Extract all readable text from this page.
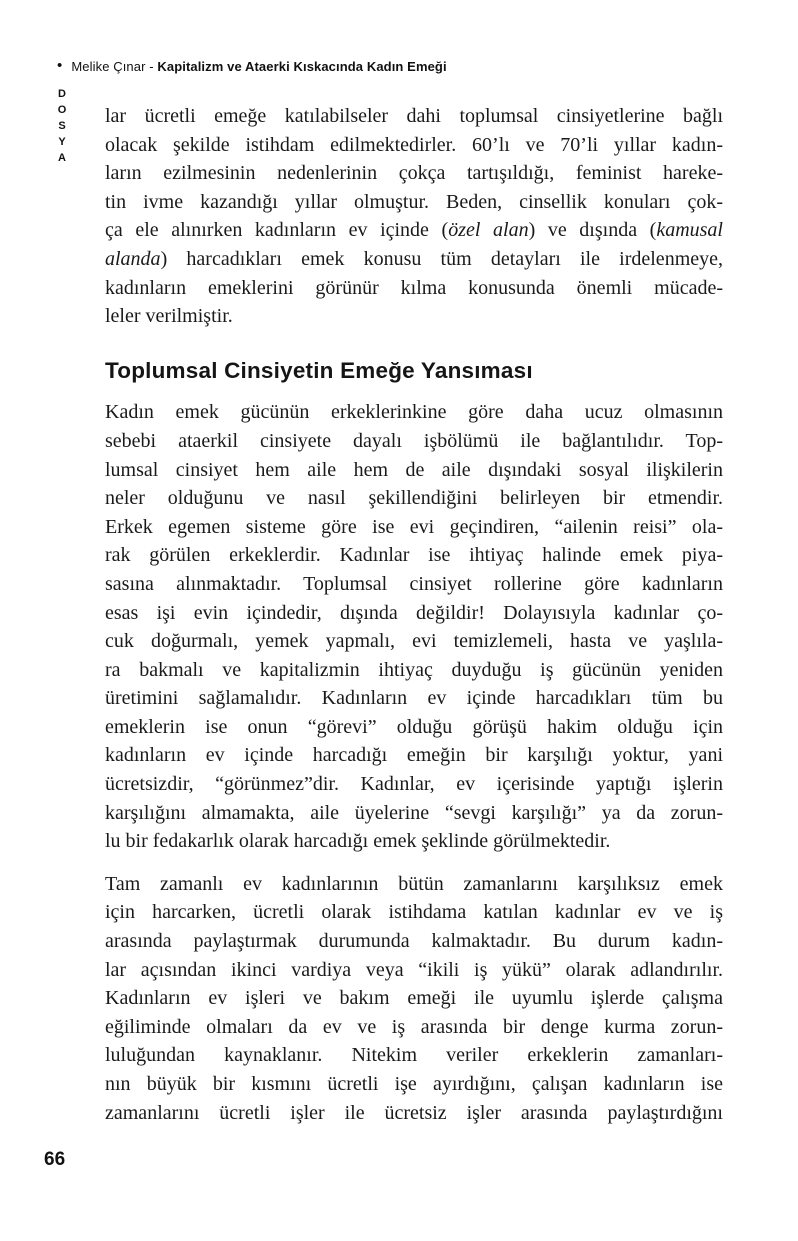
• Melike Çınar - Kapitalizm ve Ataerki Kıskacında Kadın Emeği
DOSYA lar ücretli emeğe katılabilseler dahi toplumsal cinsiyetlerine bağlı
olacak şekilde istihdam edilmektedirler. 60’lı ve 70’li yıllar kadın-
ların ezilmesinin nedenlerinin çokça tartışıldığı, feminist hareke-
tin ivme kazandığı yıllar olmuştur. Beden, cinsellik konuları çok-
ça ele alınırken kadınların ev içinde (özel alan) ve dışında (kamusal
alanda) harcadıkları emek konusu tüm detayları ile irdelenmeye,
kadınların emeklerini görünür kılma konusunda önemli mücade-
leler verilmiştir.

Toplumsal Cinsiyetin Emeğe Yansıması

Kadın emek gücünün erkeklerinkine göre daha ucuz olmasının
sebebi ataerkil cinsiyete dayalı işbölümü ile bağlantılıdır. Top-
lumsal cinsiyet hem aile hem de aile dışındaki sosyal ilişkilerin
neler olduğunu ve nasıl şekillendiğini belirleyen bir etmendir.
Erkek egemen sisteme göre ise evi geçindiren, “ailenin reisi” ola-
rak görülen erkeklerdir. Kadınlar ise ihtiyaç halinde emek piya-
sasına alınmaktadır. Toplumsal cinsiyet rollerine göre kadınların
esas işi evin içindedir, dışında değildir! Dolayısıyla kadınlar ço-
cuk doğurmalı, yemek yapmalı, evi temizlemeli, hasta ve yaşlıla-
ra bakmalı ve kapitalizmin ihtiyaç duyduğu iş gücünün yeniden
üretimini sağlamalıdır. Kadınların ev içinde harcadıkları tüm bu
emeklerin ise onun “görevi” olduğu görüşü hakim olduğu için
kadınların ev içinde harcadığı emeğin bir karşılığı yoktur, yani
ücretsizdir, “görünmez”dir. Kadınlar, ev içerisinde yaptığı işlerin
karşılığını almamakta, aile üyelerine “sevgi karşılığı” ya da zorun-
lu bir fedakarlık olarak harcadığı emek şeklinde görülmektedir.

Tam zamanlı ev kadınlarının bütün zamanlarını karşılıksız emek
için harcarken, ücretli olarak istihdama katılan kadınlar ev ve iş
arasında paylaştırmak durumunda kalmaktadır. Bu durum kadın-
lar açısından ikinci vardiya veya “ikili iş yükü” olarak adlandırılır.
Kadınların ev işleri ve bakım emeği ile uyumlu işlerde çalışma
eğiliminde olmaları da ev ve iş arasında bir denge kurma zorun-
luluğundan kaynaklanır. Nitekim veriler erkeklerin zamanları-
nın büyük bir kısmını ücretli işe ayırdığını, çalışan kadınların ise
zamanlarını ücretli işler ile ücretsiz işler arasında paylaştırdığını

66
